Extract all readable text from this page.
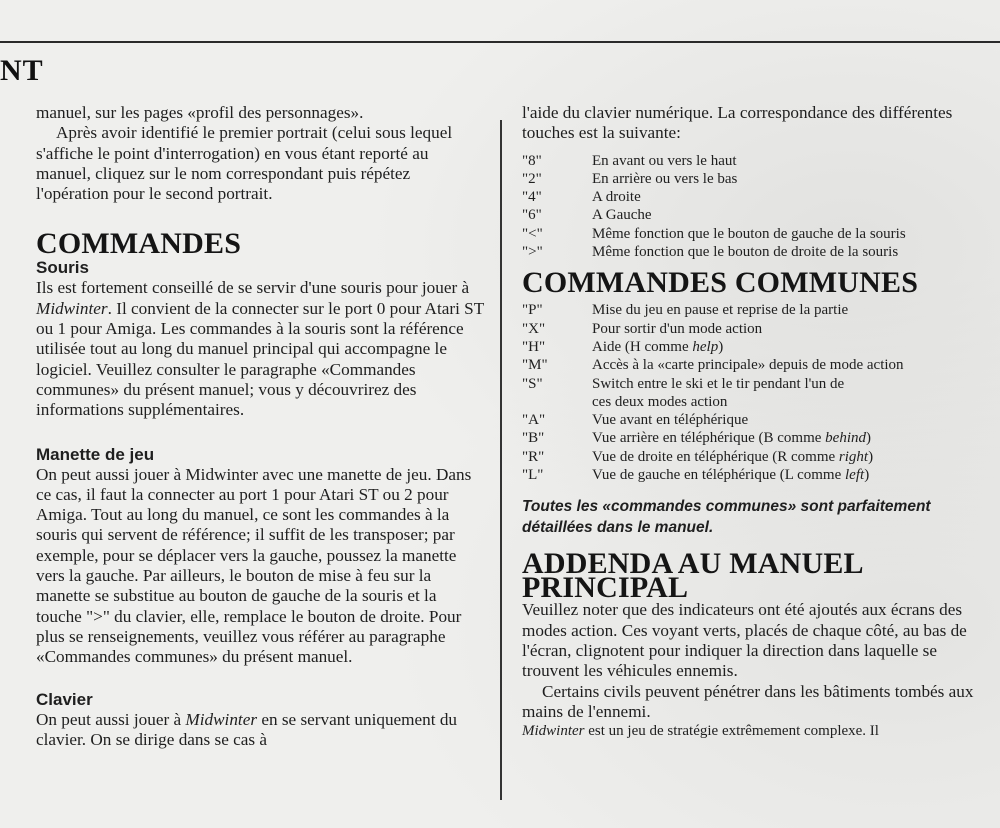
NT

manuel, sur les pages «profil des personnages».

Après avoir identifié le premier portrait (celui sous lequel s'affiche le point d'interrogation) en vous étant reporté au manuel, cliquez sur le nom correspondant puis répétez l'opération pour le second portrait.

COMMANDES
Souris

Ils est fortement conseillé de se servir d'une souris pour jouer à Midwinter. Il convient de la connecter sur le port 0 pour Atari ST ou 1 pour Amiga. Les commandes à la souris sont la référence utilisée tout au long du manuel principal qui accompagne le logiciel. Veuillez consulter le paragraphe «Commandes communes» du présent manuel; vous y découvrirez des informations supplémentaires.

Manette de jeu

On peut aussi jouer à Midwinter avec une manette de jeu. Dans ce cas, il faut la connecter au port 1 pour Atari ST ou 2 pour Amiga. Tout au long du manuel, ce sont les commandes à la souris qui servent de référence; il suffit de les transposer; par exemple, pour se déplacer vers la gauche, poussez la manette vers la gauche. Par ailleurs, le bouton de mise à feu sur la manette se substitue au bouton de gauche de la souris et la touche ">" du clavier, elle, remplace le bouton de droite. Pour plus se renseignements, veuillez vous référer au paragraphe «Commandes communes» du présent manuel.

Clavier

On peut aussi jouer à Midwinter en se servant uniquement du clavier. On se dirige dans se cas à

l'aide du clavier numérique. La correspondance des différentes touches est la suivante:

"8"	En avant ou vers le haut
"2"	En arrière ou vers le bas
"4"	A droite
"6"	A Gauche
"<"	Même fonction que le bouton de gauche de la souris
">"	Même fonction que le bouton de droite de la souris
COMMANDES COMMUNES
"P"	Mise du jeu en pause et reprise de la partie
"X"	Pour sortir d'un mode action
"H"	Aide (H comme help)
"M"	Accès à la «carte principale» depuis de mode action
"S"	Switch entre le ski et le tir pendant l'un de
	ces deux modes action
"A"	Vue avant en téléphérique
"B"	Vue arrière en téléphérique (B comme behind)
"R"	Vue de droite en téléphérique (R comme right)
"L"	Vue de gauche en téléphérique (L comme left)

Toutes les «commandes communes» sont parfaitement détaillées dans le manuel.

ADDENDA AU MANUEL
PRINCIPAL

Veuillez noter que des indicateurs ont été ajoutés aux écrans des modes action. Ces voyant verts, placés de chaque côté, au bas de l'écran, clignotent pour indiquer la direction dans laquelle se trouvent les véhicules ennemis.

Certains civils peuvent pénétrer dans les bâtiments tombés aux mains de l'ennemi.

Midwinter est un jeu de stratégie extrêmement complexe. Il
